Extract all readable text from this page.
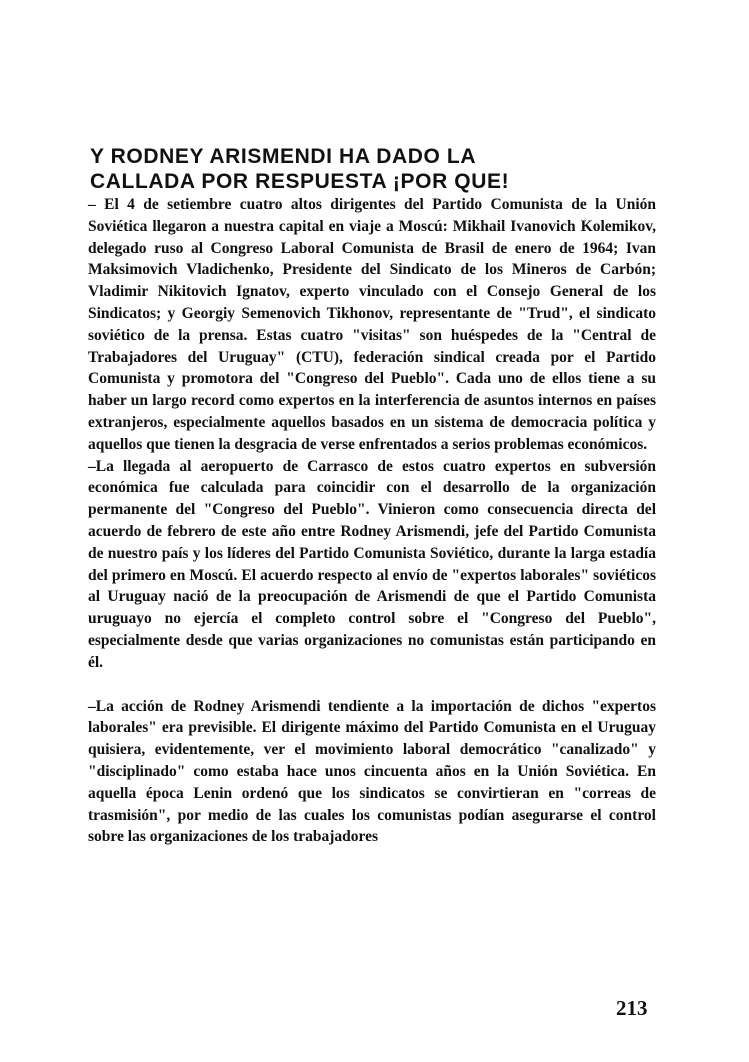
Y RODNEY ARISMENDI HA DADO LA
CALLADA POR RESPUESTA ¡POR QUE!

– El 4 de setiembre cuatro altos dirigentes del Partido Comunista de la Unión Soviética llegaron a nuestra capital en viaje a Moscú: Mikhail Ivanovich Kolemikov, delegado ruso al Congreso Laboral Comunista de Brasil de enero de 1964; Ivan Maksimovich Vladichenko, Presidente del Sindicato de los Mineros de Carbón; Vladimir Nikitovich Ignatov, experto vinculado con el Consejo General de los Sindicatos; y Georgiy Semenovich Tikhonov, representante de "Trud", el sindicato soviético de la prensa. Estas cuatro "visitas" son huéspedes de la "Central de Trabajadores del Uruguay" (CTU), federación sindical creada por el Partido Comunista y promotora del "Congreso del Pueblo". Cada uno de ellos tiene a su haber un largo record como expertos en la interferencia de asuntos internos en países extranjeros, especialmente aquellos basados en un sistema de democracia política y aquellos que tienen la desgracia de verse enfrentados a serios problemas económicos.

–La llegada al aeropuerto de Carrasco de estos cuatro expertos en subversión económica fue calculada para coincidir con el desarrollo de la organización permanente del "Congreso del Pueblo". Vinieron como consecuencia directa del acuerdo de febrero de este año entre Rodney Arismendi, jefe del Partido Comunista de nuestro país y los líderes del Partido Comunista Soviético, durante la larga estadía del primero en Moscú. El acuerdo respecto al envío de "expertos laborales" soviéticos al Uruguay nació de la preocupación de Arismendi de que el Partido Comunista uruguayo no ejercía el completo control sobre el "Congreso del Pueblo", especialmente desde que varias organizaciones no comunistas están participando en él.

–La acción de Rodney Arismendi tendiente a la importación de dichos "expertos laborales" era previsible. El dirigente máximo del Partido Comunista en el Uruguay quisiera, evidentemente, ver el movimiento laboral democrático "canalizado" y "disciplinado" como estaba hace unos cincuenta años en la Unión Soviética. En aquella época Lenin ordenó que los sindicatos se convirtieran en "correas de trasmisión", por medio de las cuales los comunistas podían asegurarse el control sobre las organizaciones de los trabajadores

213
